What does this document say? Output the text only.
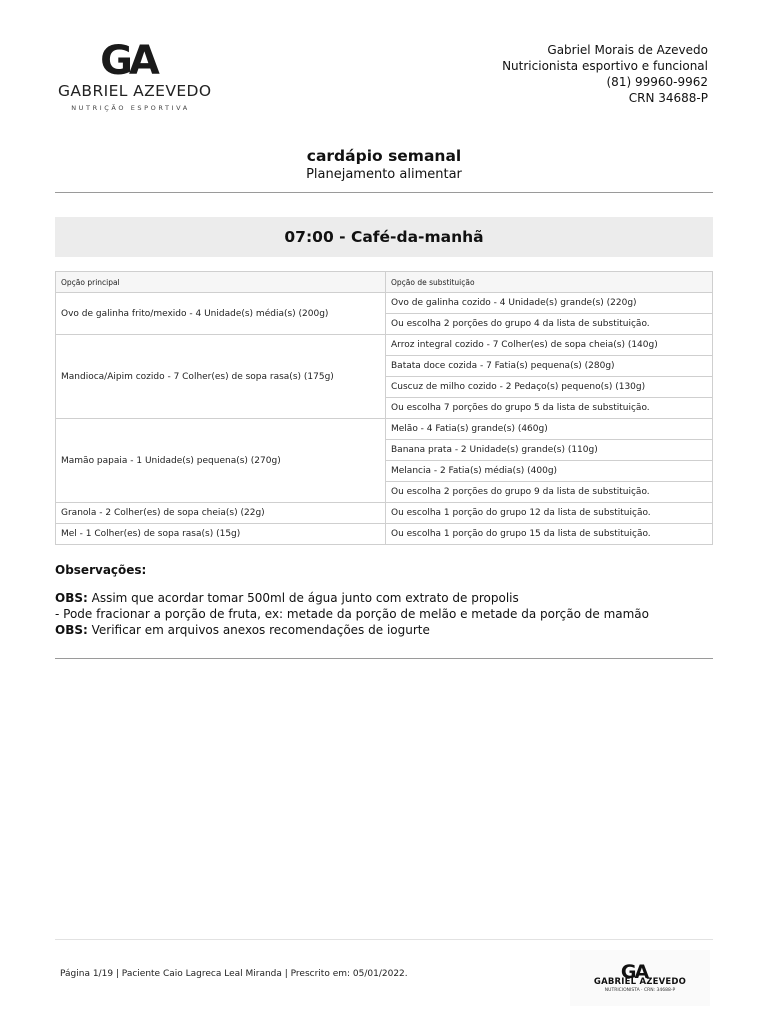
GA
GABRIEL AZEVEDO
NUTRIÇÃO ESPORTIVA
Gabriel Morais de Azevedo
Nutricionista esportivo e funcional
(81) 99960-9962
CRN 34688-P
cardápio semanal
Planejamento alimentar
07:00 - Café-da-manhã
Opção principal	Opção de substituição
Ovo de galinha frito/mexido - 4 Unidade(s) média(s) (200g)	Ovo de galinha cozido - 4 Unidade(s) grande(s) (220g)
	Ou escolha 2 porções do grupo 4 da lista de substituição.
Mandioca/Aipim cozido - 7 Colher(es) de sopa rasa(s) (175g)	Arroz integral cozido - 7 Colher(es) de sopa cheia(s) (140g)
	Batata doce cozida - 7 Fatia(s) pequena(s) (280g)
	Cuscuz de milho cozido - 2 Pedaço(s) pequeno(s) (130g)
	Ou escolha 7 porções do grupo 5 da lista de substituição.
Mamão papaia - 1 Unidade(s) pequena(s) (270g)	Melão - 4 Fatia(s) grande(s) (460g)
	Banana prata - 2 Unidade(s) grande(s) (110g)
	Melancia - 2 Fatia(s) média(s) (400g)
	Ou escolha 2 porções do grupo 9 da lista de substituição.
Granola - 2 Colher(es) de sopa cheia(s) (22g)	Ou escolha 1 porção do grupo 12 da lista de substituição.
Mel - 1 Colher(es) de sopa rasa(s) (15g)	Ou escolha 1 porção do grupo 15 da lista de substituição.
Observações:
OBS: Assim que acordar tomar 500ml de água junto com extrato de propolis
- Pode fracionar a porção de fruta, ex: metade da porção de melão e metade da porção de mamão
OBS: Verificar em arquivos anexos recomendações de iogurte
Página 1/19 | Paciente Caio Lagreca Leal Miranda | Prescrito em: 05/01/2022.	GA
GABRIEL AZEVEDO
NUTRICIONISTA · CRN: 34688-P
